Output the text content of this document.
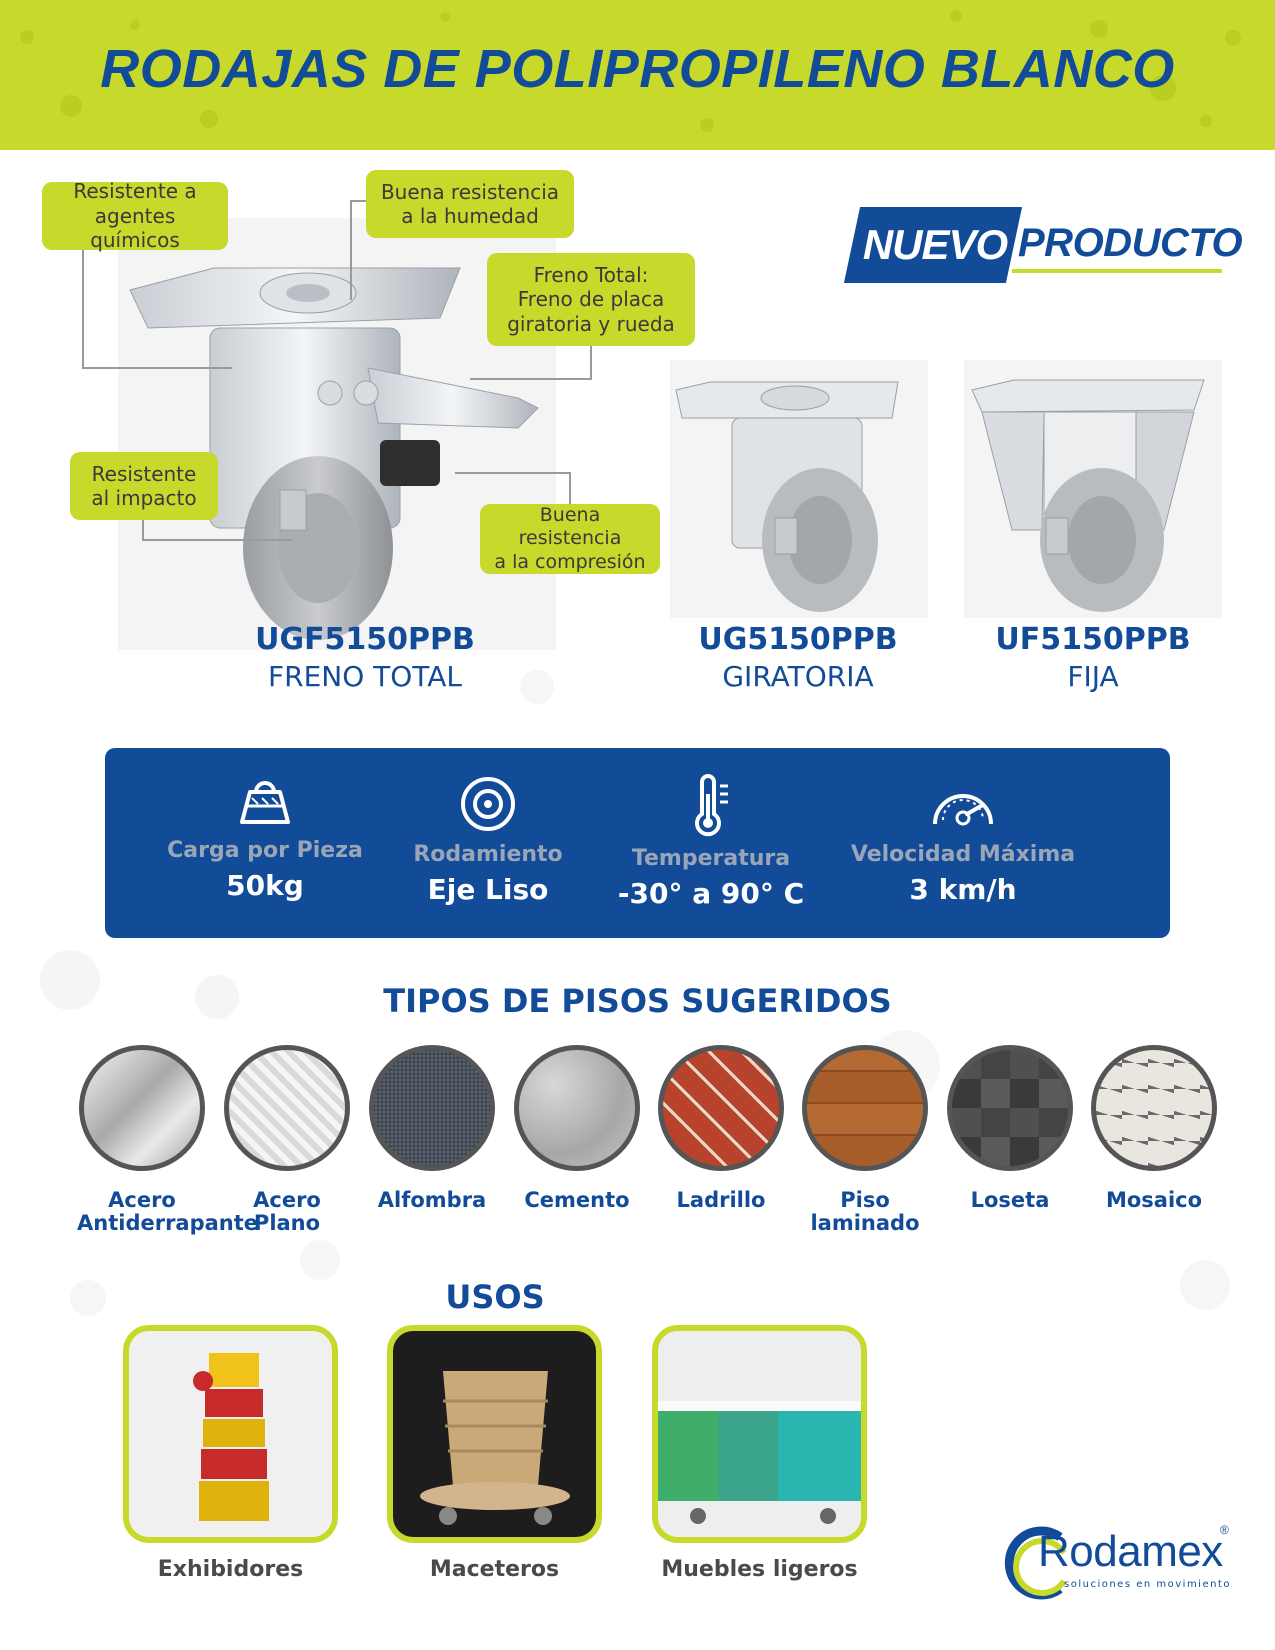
RODAJAS DE POLIPROPILENO BLANCO
Resistente a
agentes químicos
Buena resistencia
a la humedad
Freno Total:
Freno de placa
giratoria y rueda
Resistente
al impacto
Buena resistencia
a la compresión
NUEVO PRODUCTO
UGF5150PPB
FRENO TOTAL
UG5150PPB
GIRATORIA
UF5150PPB
FIJA
Carga por Pieza
50kg
Rodamiento
Eje Liso
Temperatura
-30° a 90° C
Velocidad Máxima
3 km/h
TIPOS DE PISOS SUGERIDOS
Acero
Antiderrapante
Acero
Plano
Alfombra	Cemento	Ladrillo	Piso
laminado
Loseta	Mosaico
USOS
Exhibidores	Maceteros	Muebles ligeros	Rodamex
®
soluciones en movimiento
